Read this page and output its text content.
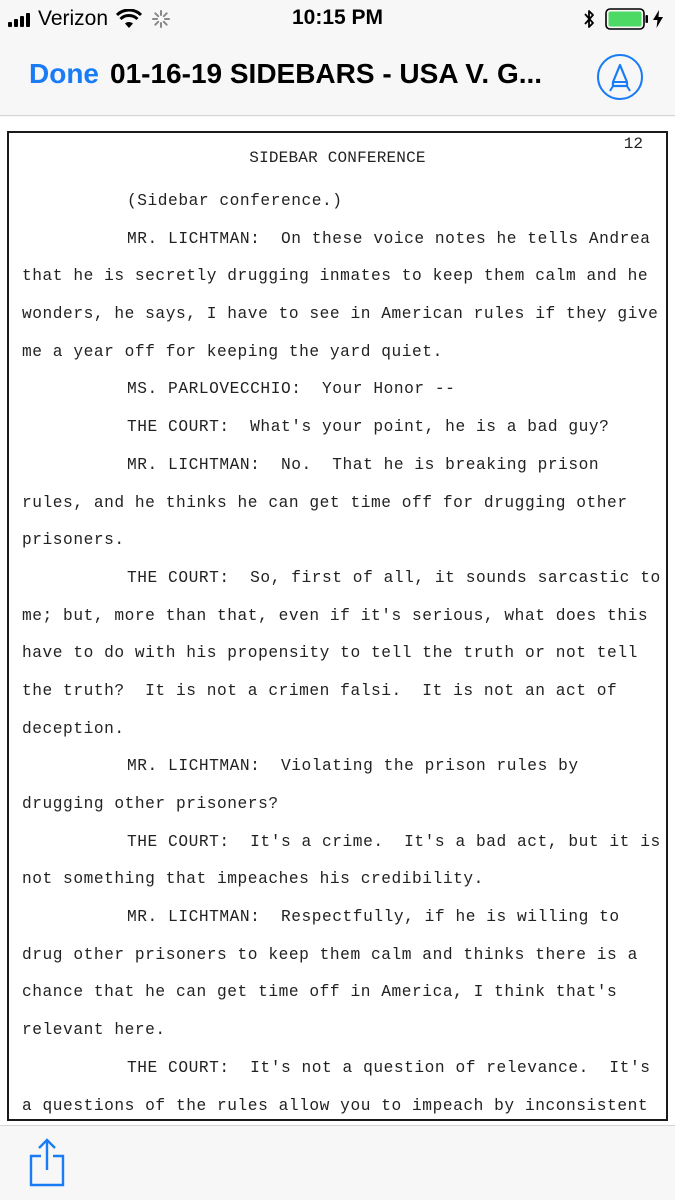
Verizon	10:15 PM
Done 01-16-19 SIDEBARS - USA V. G...
12
SIDEBAR CONFERENCE
(Sidebar conference.)
MR. LICHTMAN:  On these voice notes he tells Andrea
that he is secretly drugging inmates to keep them calm and he
wonders, he says, I have to see in American rules if they give
me a year off for keeping the yard quiet.
MS. PARLOVECCHIO:  Your Honor --
THE COURT:  What's your point, he is a bad guy?
MR. LICHTMAN:  No.  That he is breaking prison
rules, and he thinks he can get time off for drugging other
prisoners.
THE COURT:  So, first of all, it sounds sarcastic to
me; but, more than that, even if it's serious, what does this
have to do with his propensity to tell the truth or not tell
the truth?  It is not a crimen falsi.  It is not an act of
deception.
MR. LICHTMAN:  Violating the prison rules by
drugging other prisoners?
THE COURT:  It's a crime.  It's a bad act, but it is
not something that impeaches his credibility.
MR. LICHTMAN:  Respectfully, if he is willing to
drug other prisoners to keep them calm and thinks there is a
chance that he can get time off in America, I think that's
relevant here.
THE COURT:  It's not a question of relevance.  It's
a questions of the rules allow you to impeach by inconsistent
